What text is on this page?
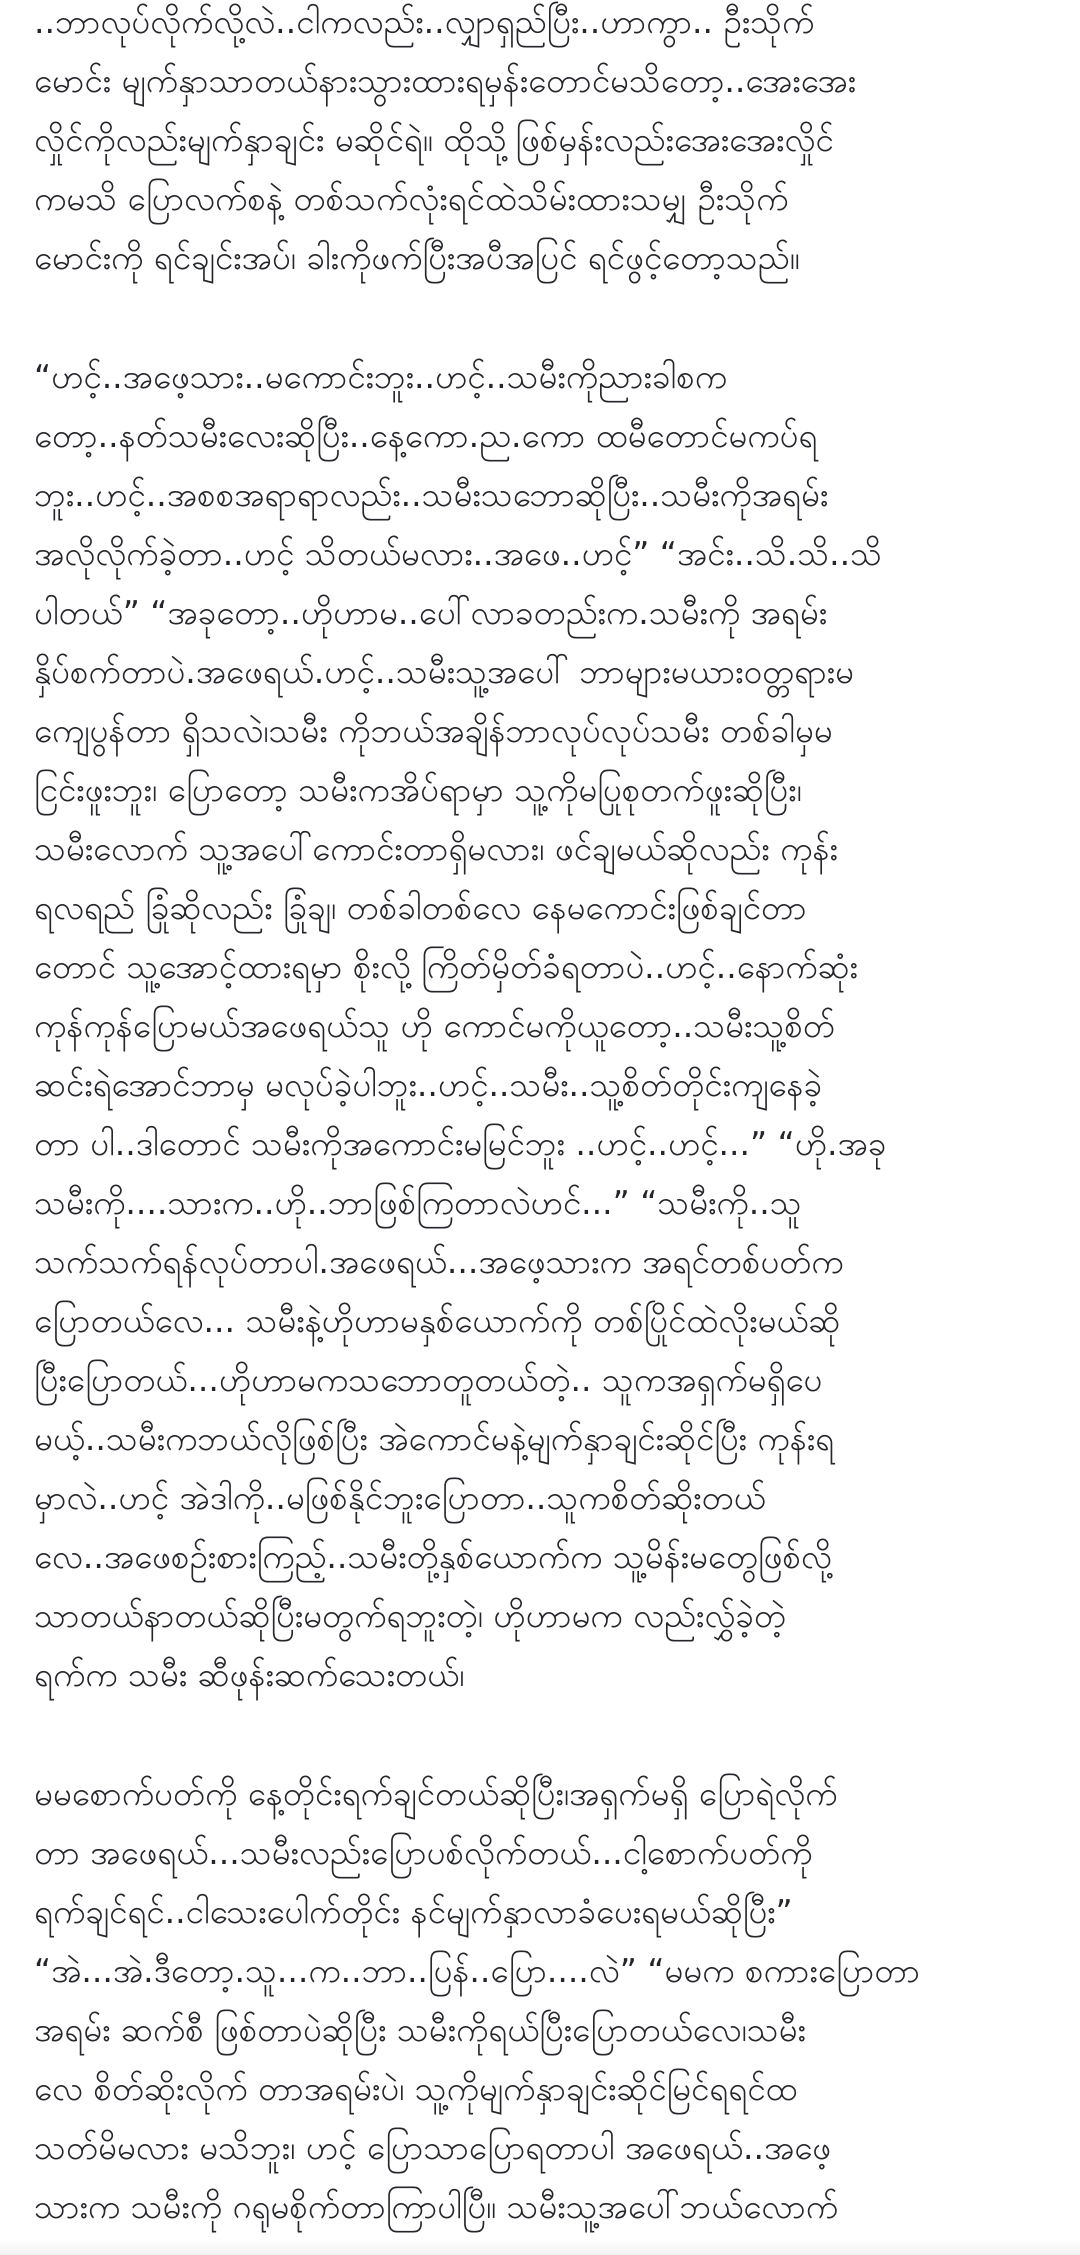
..ဘာလုပ်လိုက်လို့လဲ..ငါကလည်း..လျှာရှည်ပြီး..ဟာကွာ.. ဦးသိုက်
မောင်း မျက်နှာသာတယ်နားသွားထားရမှန်းတောင်မသိတော့..အေးအေး
လှိုင်ကိုလည်းမျက်နှာချင်း မဆိုင်ရဲ။ ထိုသို့ဖြစ်မှန်းလည်းအေးအေးလှိုင်
ကမသိ ပြောလက်စနဲ့ တစ်သက်လုံးရင်ထဲသိမ်းထားသမျှ ဦးသိုက်
မောင်းကို ရင်ချင်းအပ်၊ ခါးကိုဖက်ပြီးအပီအပြင် ရင်ဖွင့်တော့သည်။

“ဟင့်..အဖေ့သား..မကောင်းဘူး..ဟင့်..သမီးကိုညားခါစက
တော့..နတ်သမီးလေးဆိုပြီး..နေ့ကော.ည.ကော ထမီတောင်မကပ်ရ
ဘူး..ဟင့်..အစစအရာရာလည်း..သမီးသဘောဆိုပြီး..သမီးကိုအရမ်း
အလိုလိုက်ခဲ့တာ..ဟင့် သိတယ်မလား..အဖေ..ဟင့်” “အင်း..သိ.သိ..သိ
ပါတယ်” “အခုတော့..ဟိုဟာမ..ပေါ်လာခတည်းက.သမီးကို အရမ်း
နှိပ်စက်တာပဲ.အဖေရယ်.ဟင့်..သမီးသူ့အပေါ် ဘာများမယားဝတ္တရားမ
ကျေပွန်တာ ရှိသလဲ၊သမီး ကိုဘယ်အချိန်ဘာလုပ်လုပ်သမီး တစ်ခါမှမ
ငြင်းဖူးဘူး၊ ပြောတော့ သမီးကအိပ်ရာမှာ သူ့ကိုမပြုစုတက်ဖူးဆိုပြီး၊
သမီးလောက် သူ့အပေါ်ကောင်းတာရှိမလား၊ ဖင်ချမယ်ဆိုလည်း ကုန်း
ရလရည် ခြုံဆိုလည်း ခြုံချ၊ တစ်ခါတစ်လေ နေမကောင်းဖြစ်ချင်တာ
တောင် သူ့အောင့်ထားရမှာ စိုးလို့ ကြိတ်မှိတ်ခံရတာပဲ..ဟင့်..နောက်ဆုံး
ကုန်ကုန်ပြောမယ်အဖေရယ်သူ ဟို ကောင်မကိုယူတော့..သမီးသူ့စိတ်
ဆင်းရဲအောင်ဘာမှ မလုပ်ခဲ့ပါဘူး..ဟင့်..သမီး..သူ့စိတ်တိုင်းကျနေခဲ့
တာ ပါ..ဒါတောင် သမီးကိုအကောင်းမမြင်ဘူး ..ဟင့်..ဟင့်...” “ဟို.အခု
သမီးကို....သားက..ဟို..ဘာဖြစ်ကြတာလဲဟင်...” “သမီးကို..သူ
သက်သက်ရန်လုပ်တာပါ.အဖေရယ်...အဖေ့သားက အရင်တစ်ပတ်က
ပြောတယ်လေ... သမီးနဲ့ဟိုဟာမနှစ်ယောက်ကို တစ်ပြိုင်ထဲလိုးမယ်ဆို
ပြီးပြောတယ်...ဟိုဟာမကသဘောတူတယ်တဲ့.. သူကအရှက်မရှိပေ
မယ့်..သမီးကဘယ်လိုဖြစ်ပြီး အဲကောင်မနဲ့မျက်နှာချင်းဆိုင်ပြီး ကုန်းရ
မှာလဲ..ဟင့် အဲဒါကို..မဖြစ်နိုင်ဘူးပြောတာ..သူကစိတ်ဆိုးတယ်
လေ..အဖေစဉ်းစားကြည့်..သမီးတို့နှစ်ယောက်က သူ့မိန်းမတွေဖြစ်လို့
သာတယ်နာတယ်ဆိုပြီးမတွက်ရဘူးတဲ့၊ ဟိုဟာမက လည်းလွှ်ခဲ့တဲ့
ရက်က သမီး ဆီဖုန်းဆက်သေးတယ်၊

မမစောက်ပတ်ကို နေ့တိုင်းရက်ချင်တယ်ဆိုပြီး၊အရှက်မရှိ ပြောရဲလိုက်
တာ အဖေရယ်...သမီးလည်းပြောပစ်လိုက်တယ်...ငါ့စောက်ပတ်ကို
ရက်ချင်ရင်..ငါသေးပေါက်တိုင်း နင်မျက်နှာလာခံပေးရမယ်ဆိုပြီး”
“အဲ...အဲ.ဒီတော့.သူ...က..ဘာ..ပြန်..ပြော....လဲ” “မမက စကားပြောတာ
အရမ်း ဆက်စီ ဖြစ်တာပဲဆိုပြီး သမီးကိုရယ်ပြီးပြောတယ်လေ၊သမီး
လေ စိတ်ဆိုးလိုက် တာအရမ်းပဲ၊ သူ့ကိုမျက်နှာချင်းဆိုင်မြင်ရရင်ထ
သတ်မိမလား မသိဘူး၊ ဟင့် ပြောသာပြောရတာပါ အဖေရယ်..အဖေ့
သားက သမီးကို ဂရုမစိုက်တာကြာပါပြီ။ သမီးသူ့အပေါ်ဘယ်လောက်
